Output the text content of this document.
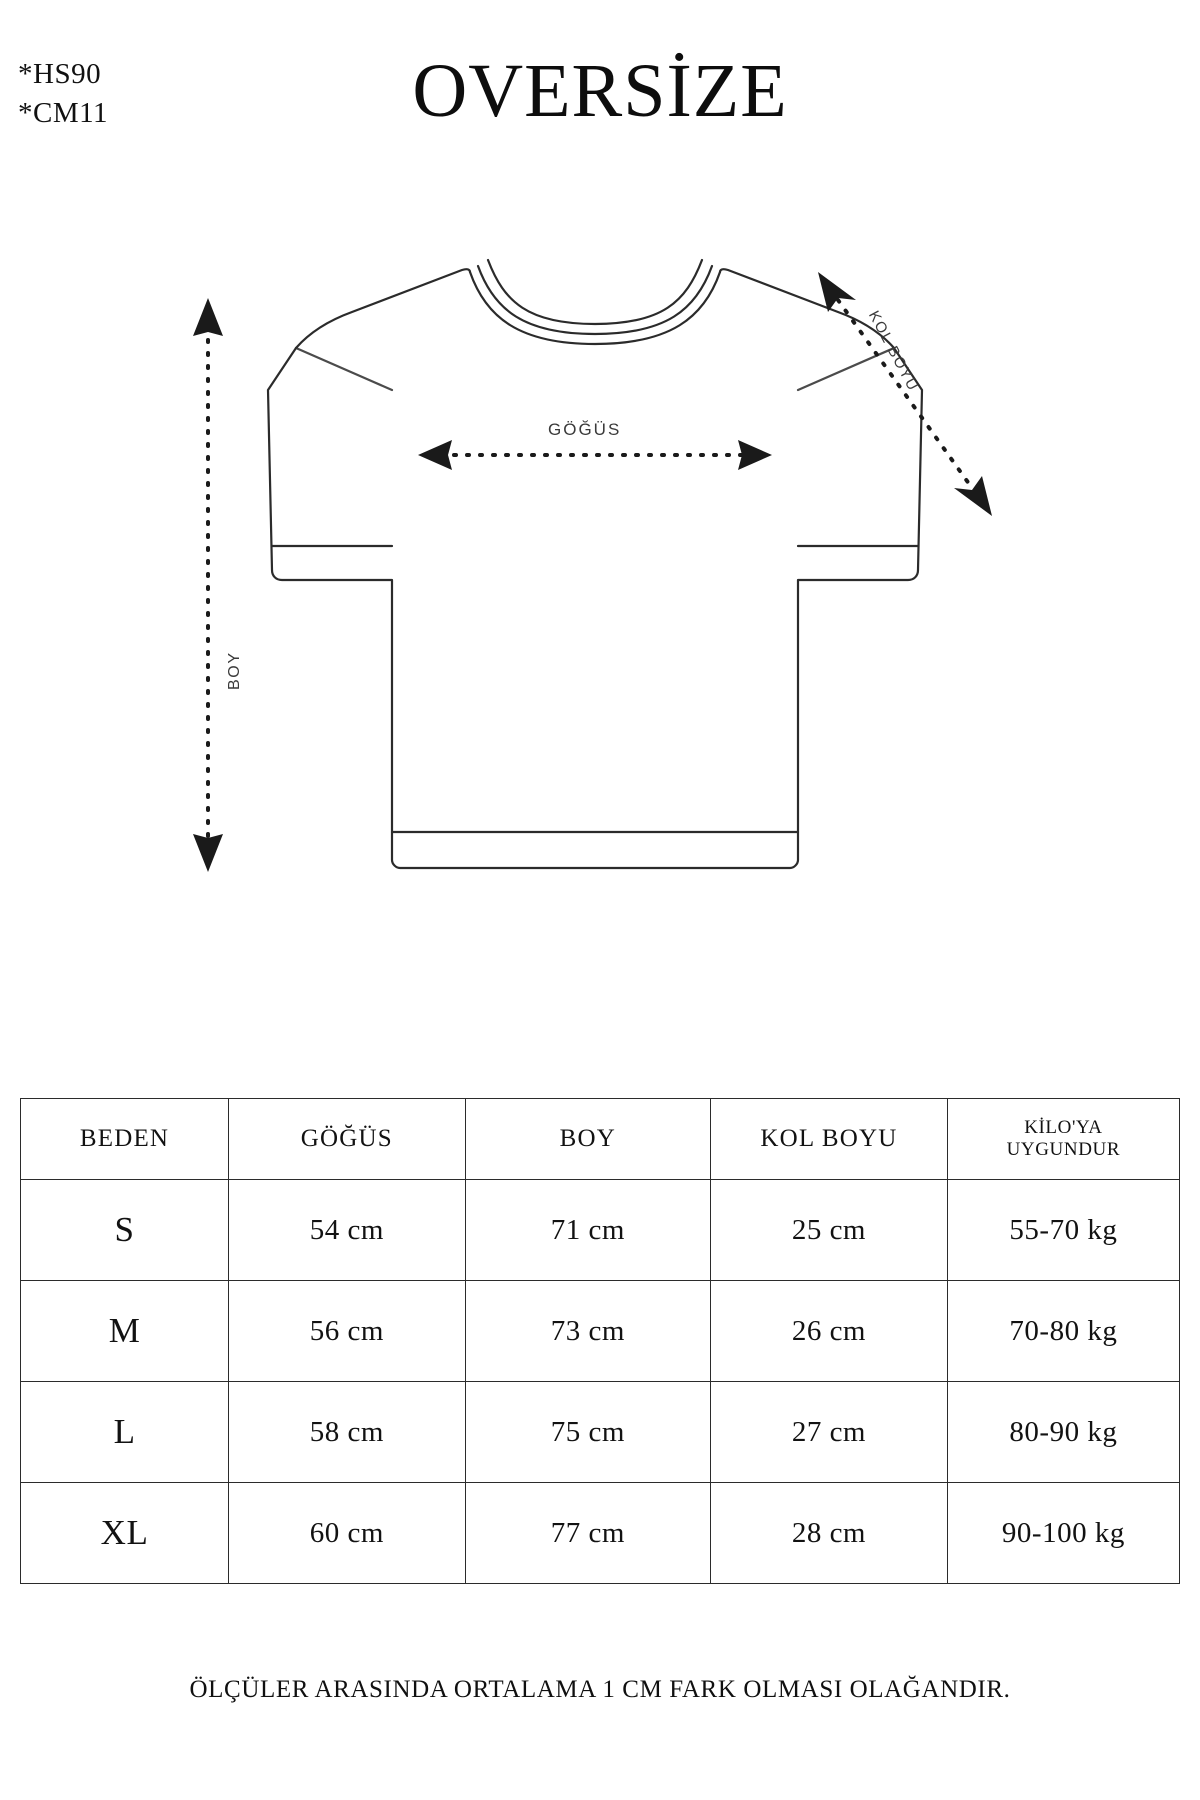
*HS90
*CM11	OVERSİZE
GÖĞÜS
BOY
KOL BOYU
BEDEN	GÖĞÜS	BOY	KOL BOYU	KİLO'YA
UYGUNDUR

S	54 cm	71 cm	25 cm	55-70 kg
M	56 cm	73 cm	26 cm	70-80 kg
L	58 cm	75 cm	27 cm	80-90 kg
XL	60 cm	77 cm	28 cm	90-100 kg
ÖLÇÜLER ARASINDA ORTALAMA 1 CM FARK OLMASI OLAĞANDIR.
